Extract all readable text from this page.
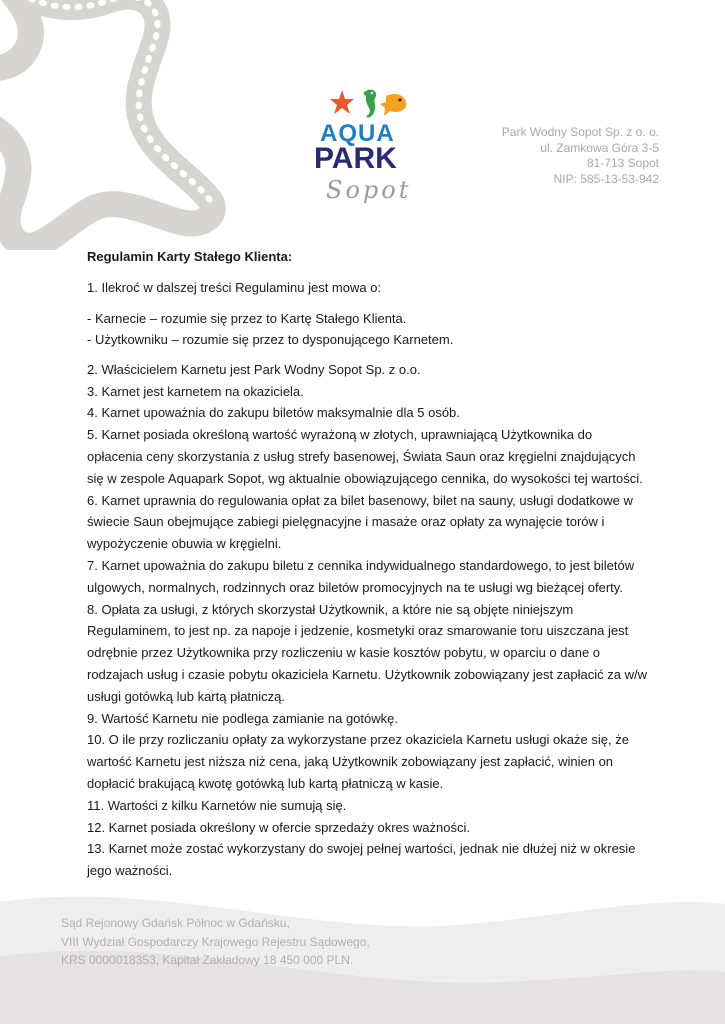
AQUA
PARK
Sopot
Park Wodny Sopot Sp. z o. o.
ul. Zamkowa Góra 3-5
81-713 Sopot
NIP: 585-13-53-942

Regulamin Karty Stałego Klienta:

1. Ilekroć w dalszej treści Regulaminu jest mowa o:

- Karnecie – rozumie się przez to Kartę Stałego Klienta.

- Użytkowniku – rozumie się przez to dysponującego Karnetem.

2. Właścicielem Karnetu jest Park Wodny Sopot Sp. z o.o.

3. Karnet jest karnetem na okaziciela.

4. Karnet upoważnia do zakupu biletów maksymalnie dla 5 osób.

5. Karnet posiada określoną wartość wyrażoną w złotych, uprawniającą Użytkownika do opłacenia ceny skorzystania z usług strefy basenowej, Świata Saun oraz kręgielni znajdujących się w zespole Aquapark Sopot, wg aktualnie obowiązującego cennika, do wysokości tej wartości.

6. Karnet uprawnia do regulowania opłat za bilet basenowy, bilet na sauny, usługi dodatkowe w świecie Saun obejmujące zabiegi pielęgnacyjne i masaże oraz opłaty za wynajęcie torów i wypożyczenie obuwia w kręgielni.

7. Karnet upoważnia do zakupu biletu z cennika indywidualnego standardowego, to jest biletów ulgowych, normalnych, rodzinnych oraz biletów promocyjnych na te usługi wg bieżącej oferty.

8. Opłata za usługi, z których skorzystał Użytkownik, a które nie są objęte niniejszym Regulaminem, to jest np. za napoje i jedzenie, kosmetyki oraz smarowanie toru uiszczana jest odrębnie przez Użytkownika przy rozliczeniu w kasie kosztów pobytu, w oparciu o dane o rodzajach usług i czasie pobytu okaziciela Karnetu. Użytkownik zobowiązany jest zapłacić za w/w usługi gotówką lub kartą płatniczą.

9. Wartość Karnetu nie podlega zamianie na gotówkę.

10. O ile przy rozliczaniu opłaty za wykorzystane przez okaziciela Karnetu usługi okaże się, że wartość Karnetu jest niższa niż cena, jaką Użytkownik zobowiązany jest zapłacić, winien on dopłacić brakującą kwotę gotówką lub kartą płatniczą w kasie.

11. Wartości z kilku Karnetów nie sumują się.

12. Karnet posiada określony w ofercie sprzedaży okres ważności.

13. Karnet może zostać wykorzystany do swojej pełnej wartości, jednak nie dłużej niż w okresie jego ważności.

Sąd Rejonowy Gdańsk Północ w Gdańsku,
VIII Wydział Gospodarczy Krajowego Rejestru Sądowego,
KRS 0000018353, Kapitał Zakładowy 18 450 000 PLN.
